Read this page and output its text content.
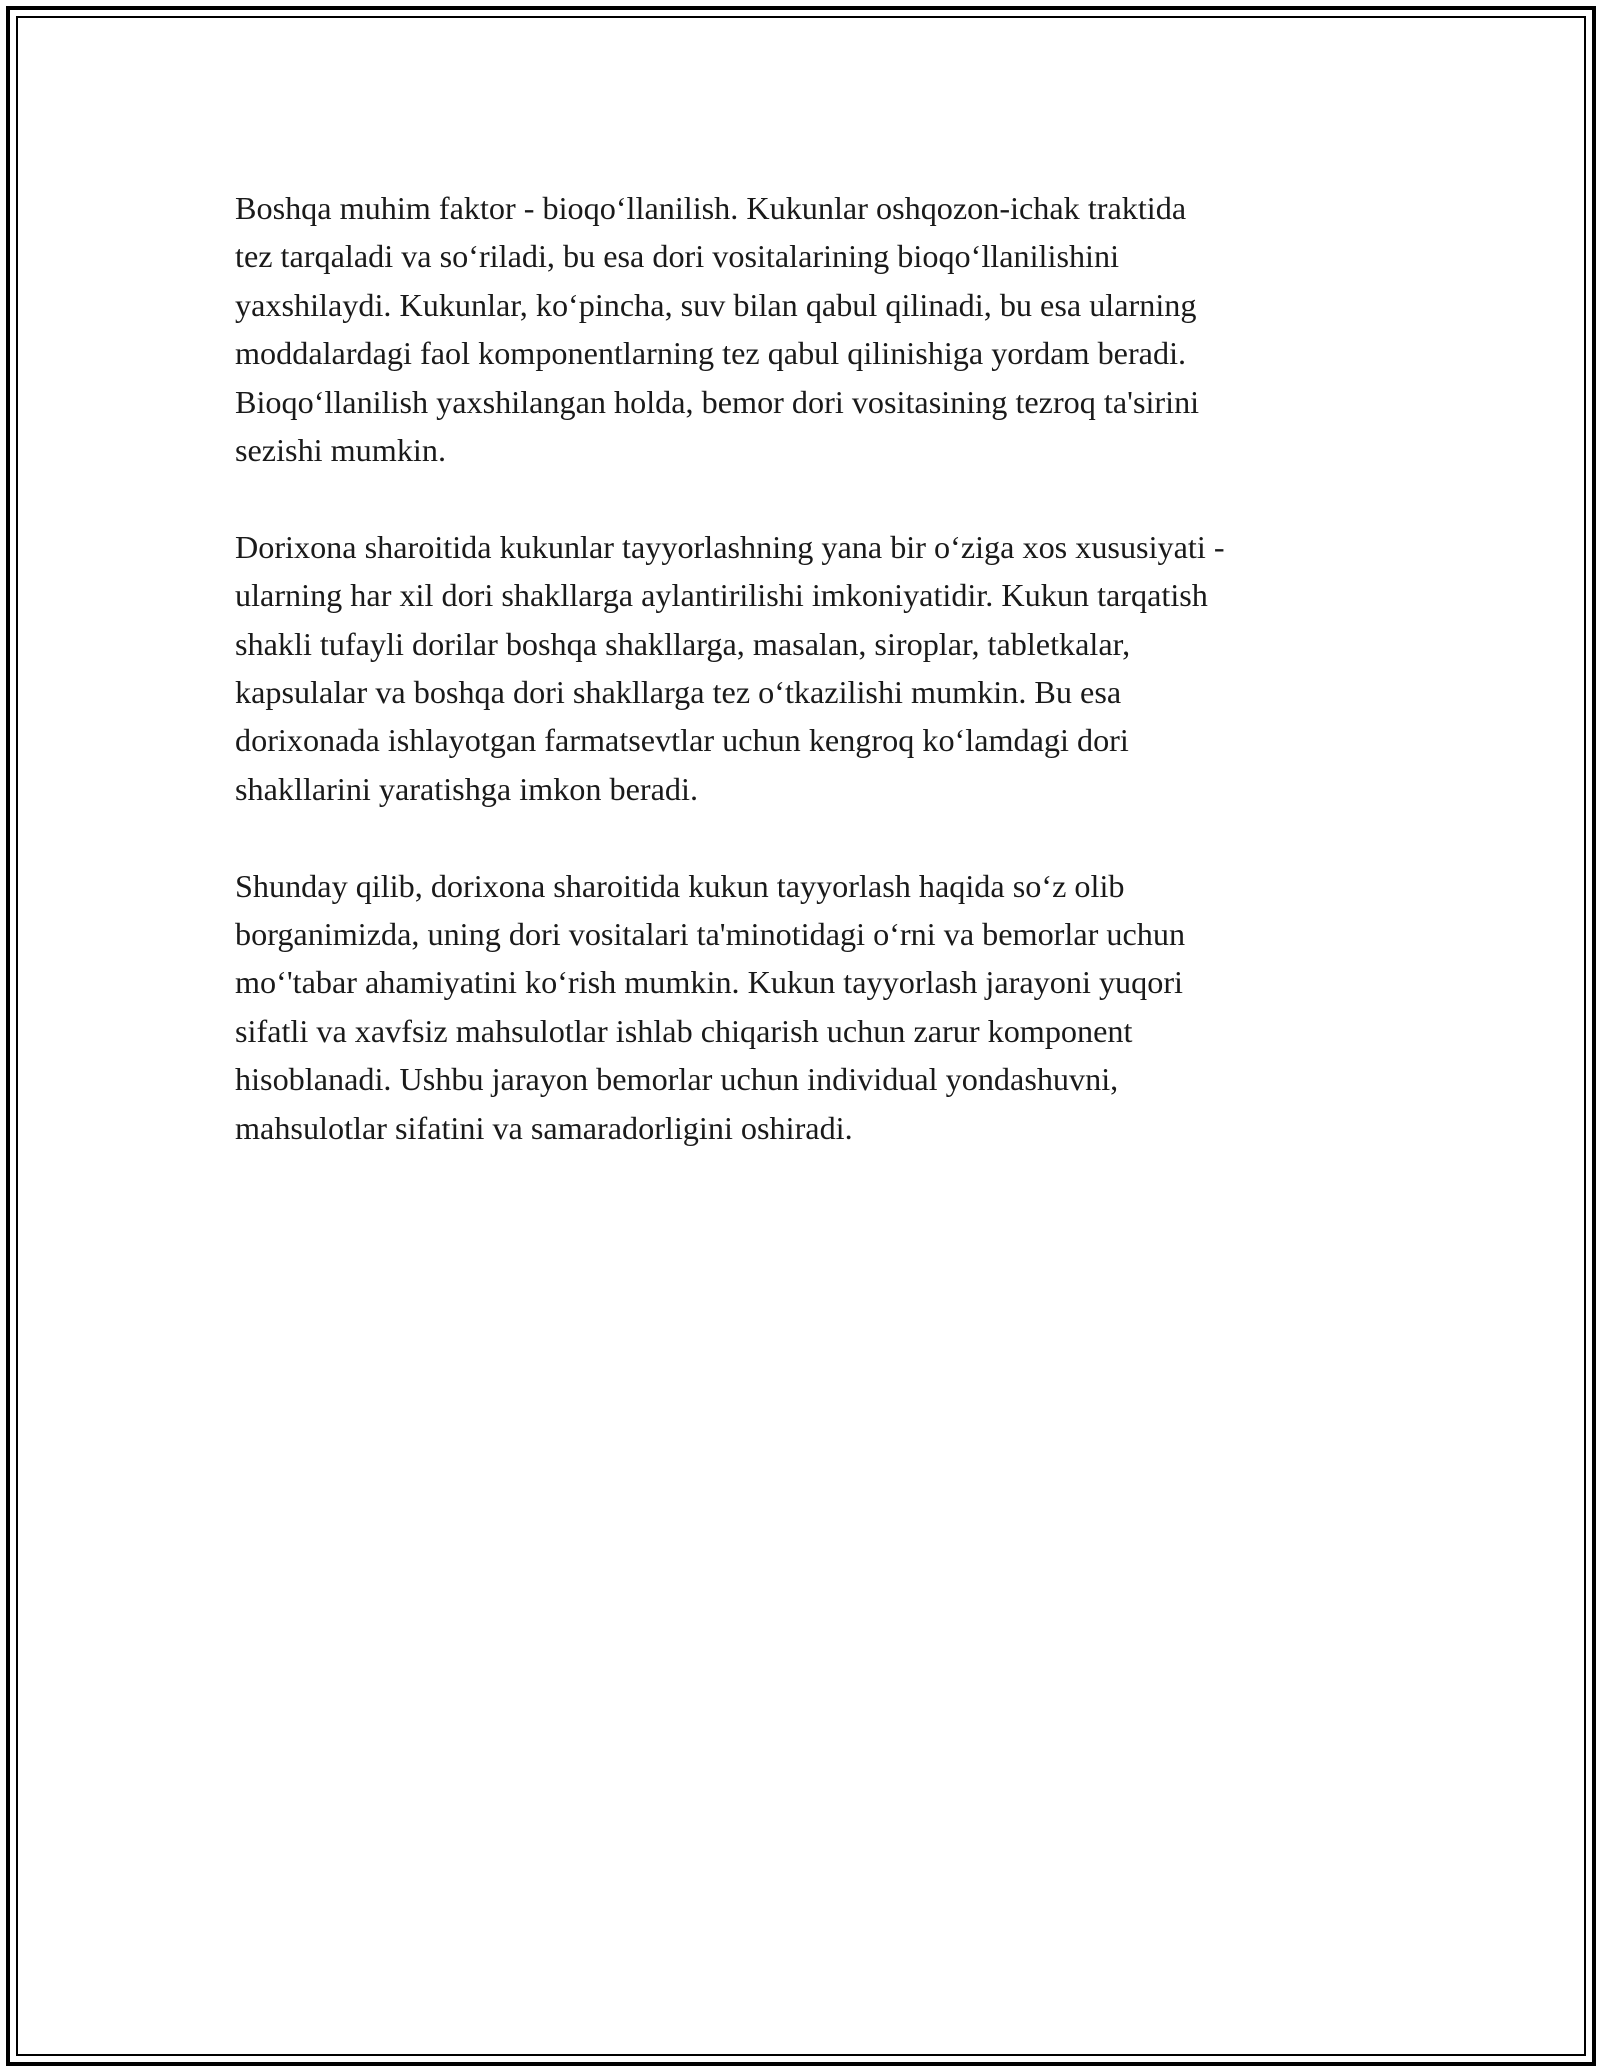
Boshqa muhim faktor - bioqo‘llanilish. Kukunlar oshqozon-ichak traktida
tez tarqaladi va so‘riladi, bu esa dori vositalarining bioqo‘llanilishini
yaxshilaydi. Kukunlar, ko‘pincha, suv bilan qabul qilinadi, bu esa ularning
moddalardagi faol komponentlarning tez qabul qilinishiga yordam beradi.
Bioqo‘llanilish yaxshilangan holda, bemor dori vositasining tezroq ta'sirini
sezishi mumkin.

Dorixona sharoitida kukunlar tayyorlashning yana bir o‘ziga xos xususiyati -
ularning har xil dori shakllarga aylantirilishi imkoniyatidir. Kukun tarqatish
shakli tufayli dorilar boshqa shakllarga, masalan, siroplar, tabletkalar,
kapsulalar va boshqa dori shakllarga tez o‘tkazilishi mumkin. Bu esa
dorixonada ishlayotgan farmatsevtlar uchun kengroq ko‘lamdagi dori
shakllarini yaratishga imkon beradi.

Shunday qilib, dorixona sharoitida kukun tayyorlash haqida so‘z olib
borganimizda, uning dori vositalari ta'minotidagi o‘rni va bemorlar uchun
mo‘'tabar ahamiyatini ko‘rish mumkin. Kukun tayyorlash jarayoni yuqori
sifatli va xavfsiz mahsulotlar ishlab chiqarish uchun zarur komponent
hisoblanadi. Ushbu jarayon bemorlar uchun individual yondashuvni,
mahsulotlar sifatini va samaradorligini oshiradi.
